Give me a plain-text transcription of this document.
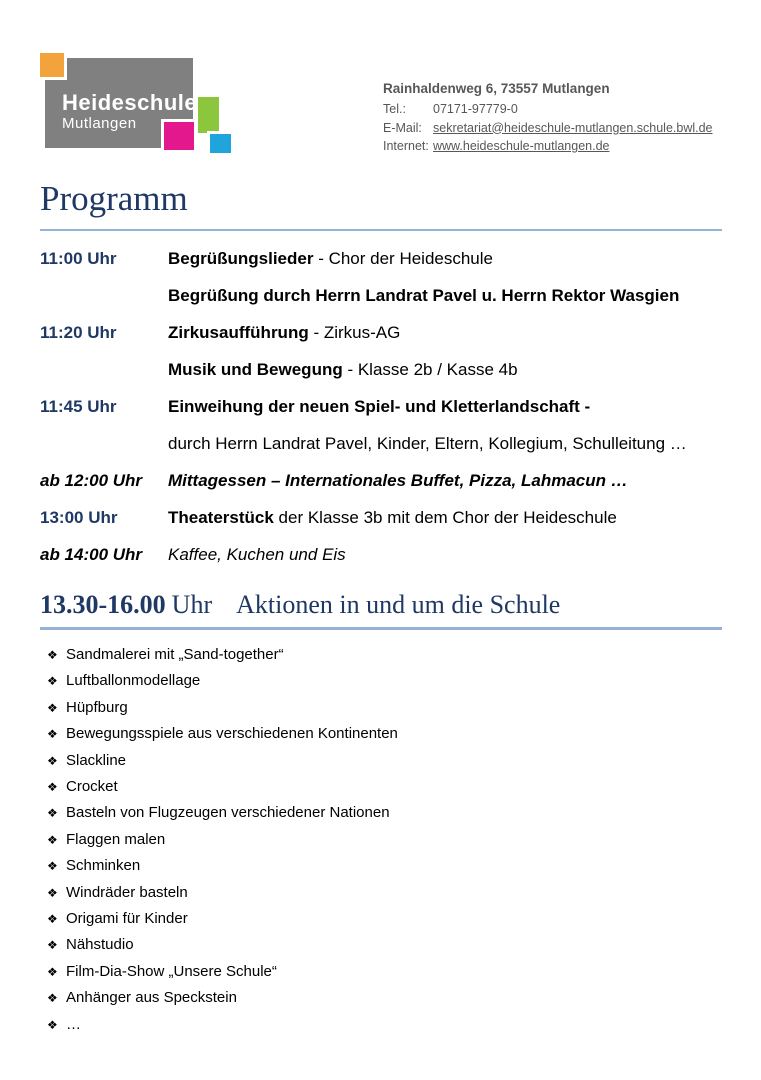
Heideschule
Mutlangen
Rainhaldenweg 6, 73557 Mutlangen
Tel.:	07171-97779-0
E-Mail: sekretariat@heideschule-mutlangen.schule.bwl.de
Internet: www.heideschule-mutlangen.de
Programm
11:00 Uhr	Begrüßungslieder - Chor der Heideschule
Begrüßung durch Herrn Landrat Pavel u. Herrn Rektor Wasgien
11:20 Uhr	Zirkusaufführung - Zirkus-AG
Musik und Bewegung - Klasse 2b / Kasse 4b
11:45 Uhr	Einweihung der neuen Spiel- und Kletterlandschaft -
durch Herrn Landrat Pavel, Kinder, Eltern, Kollegium, Schulleitung …
ab 12:00 Uhr	Mittagessen – Internationales Buffet, Pizza, Lahmacun …
13:00 Uhr	Theaterstück der Klasse 3b mit dem Chor der Heideschule
ab 14:00 Uhr	Kaffee, Kuchen und Eis
13.30-16.00 Uhr Aktionen in und um die Schule
❖ Sandmalerei mit „Sand-together“
❖ Luftballonmodellage
❖ Hüpfburg
❖ Bewegungsspiele aus verschiedenen Kontinenten
❖ Slackline
❖ Crocket
❖ Basteln von Flugzeugen verschiedener Nationen
❖ Flaggen malen
❖ Schminken
❖ Windräder basteln
❖ Origami für Kinder
❖ Nähstudio
❖ Film-Dia-Show „Unsere Schule“
❖ Anhänger aus Speckstein
❖ …
